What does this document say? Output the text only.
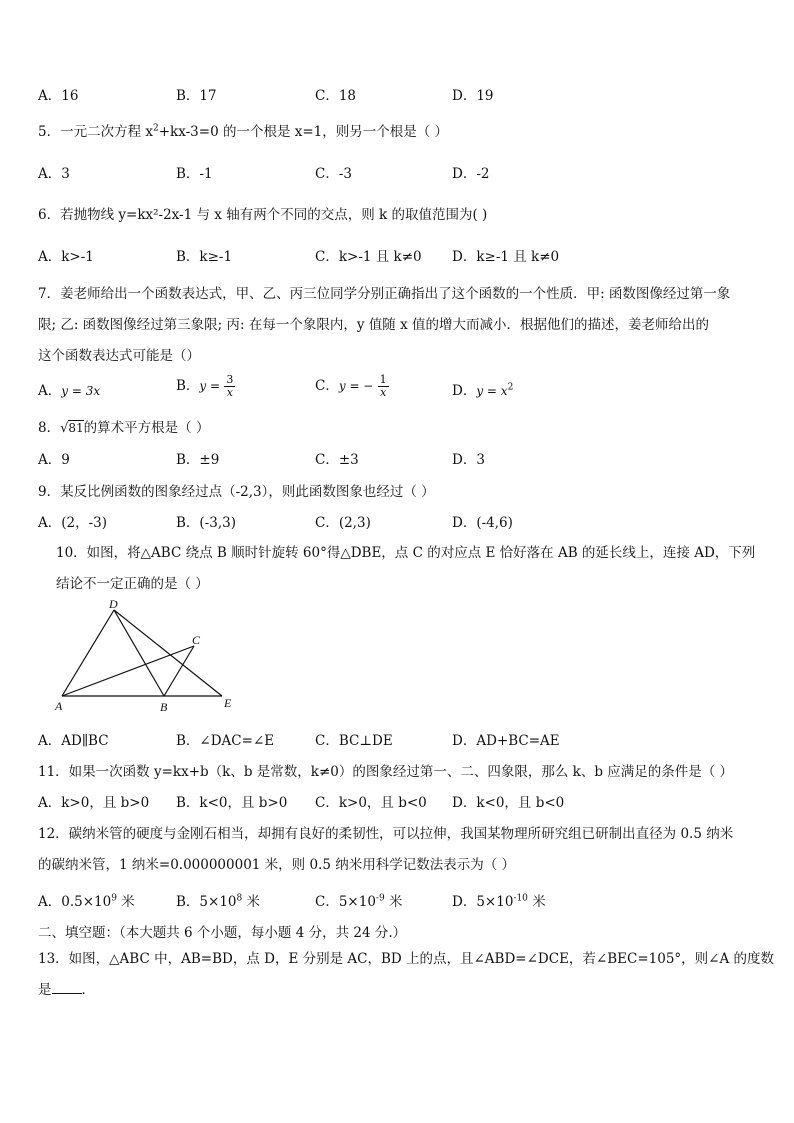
A．16	B．17	C．18	D．19
5．一元二次方程 $x^2+kx-3=0$ 的一个根是 x=1，则另一个根是（ ）
A．3	B．-1	C．-3	D．-2
6．若抛物线 y=kx²-2x-1 与 x 轴有两个不同的交点，则 k 的取值范围为( )
A．k>-1	B．k≥-1	C．k>-1 且 k≠0 D．k≥-1 且 k≠0
7．姜老师给出一个函数表达式，甲、乙、丙三位同学分别正确指出了这个函数的一个性质．甲: 函数图像经过第一象
限; 乙: 函数图像经过第三象限; 丙: 在每一个象限内，y 值随 x 值的增大而减小．根据他们的描述，姜老师给出的
这个函数表达式可能是（）
A．y = 3x	B．$y = \frac{3}{x}$	C．y = − $\frac{1}{x}$	D．$y = x^2$
8．√81的算术平方根是（ ）
A．9	B．±9	C．±3	D．3
9．某反比例函数的图象经过点（-2,3），则此函数图象也经过（ ）
A．(2，-3)	B．(-3,3)	C．(2,3)	D．(-4,6)
10．如图，将△ABC 绕点 B 顺时针旋转 60°得△DBE，点 C 的对应点 E 恰好落在 AB 的延长线上，连接 AD，下列
结论不一定正确的是（ ）
D
C
A	B	E
A．AD∥BC	B．∠DAC=∠E	C．BC⊥DE	D．AD+BC=AE
11．如果一次函数 y=kx+b（k、b 是常数，k≠0）的图象经过第一、二、四象限，那么 k、b 应满足的条件是（ ）
A．k>0，且 b>0 B．k<0，且 b>0 C．k>0，且 b<0 D．k<0，且 b<0
12．碳纳米管的硬度与金刚石相当，却拥有良好的柔韧性，可以拉伸，我国某物理所研究组已研制出直径为 0.5 纳米
的碳纳米管，1 纳米=0.000000001 米，则 0.5 纳米用科学记数法表示为（ ）
A．$0.5\times 10^9$ 米	B．$5\times 10^8$ 米	C．$5\times 10^{-9}$ 米	D．$5\times 10^{-10}$ 米
二、填空题：（本大题共 6 个小题，每小题 4 分，共 24 分.）
13．如图，△ABC 中，AB=BD，点 D，E 分别是 AC，BD 上的点，且∠ABD=∠DCE，若∠BEC=105°，则∠A 的度数
是 ．
